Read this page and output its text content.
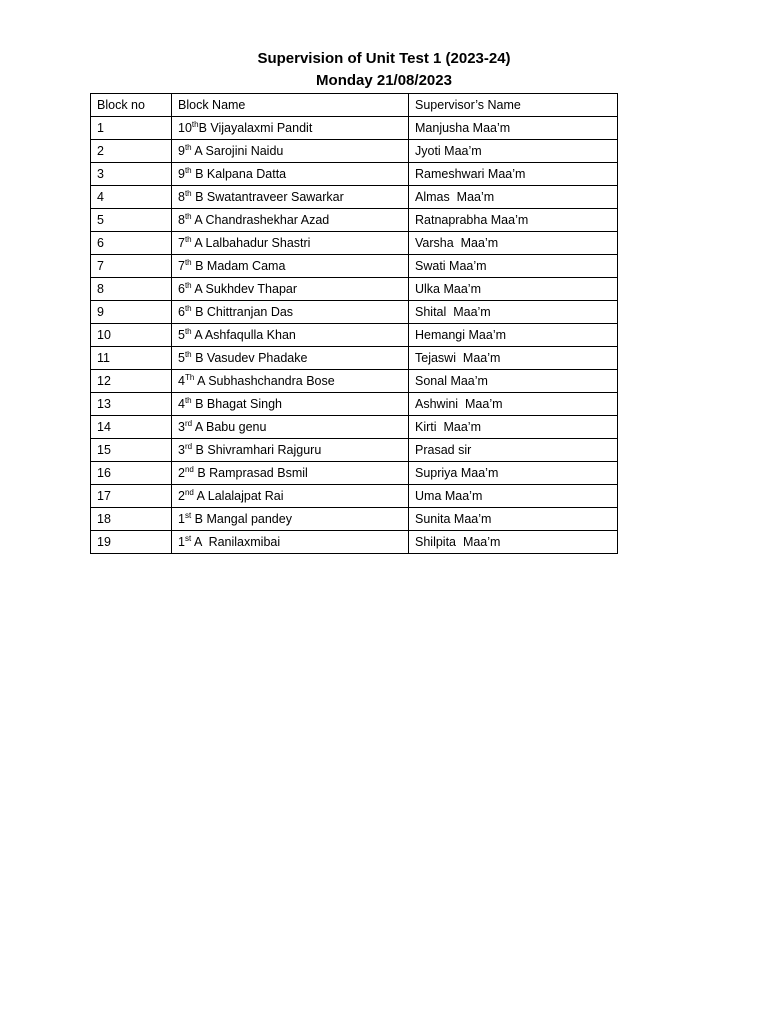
Supervision of Unit Test 1 (2023-24)
Monday 21/08/2023
Block no	Block Name	Supervisor’s Name
1	10thB Vijayalaxmi Pandit	Manjusha Maa’m
2	9th A Sarojini Naidu	Jyoti Maa’m
3	9th B Kalpana Datta	Rameshwari Maa’m
4	8th B Swatantraveer Sawarkar	Almas  Maa’m
5	8th A Chandrashekhar Azad	Ratnaprabha Maa’m
6	7th A Lalbahadur Shastri	Varsha  Maa’m
7	7th B Madam Cama	Swati Maa’m
8	6th A Sukhdev Thapar	Ulka Maa’m
9	6th B Chittranjan Das	Shital  Maa’m
10	5th A Ashfaqulla Khan	Hemangi Maa’m
11	5th B Vasudev Phadake	Tejaswi  Maa’m
12	4Th A Subhashchandra Bose	Sonal Maa’m
13	4th B Bhagat Singh	Ashwini  Maa’m
14	3rd A Babu genu	Kirti  Maa’m
15	3rd B Shivramhari Rajguru	Prasad sir
16	2nd B Ramprasad Bsmil	Supriya Maa’m
17	2nd A Lalalajpat Rai	Uma Maa’m
18	1st B Mangal pandey	Sunita Maa’m
19	1st A  Ranilaxmibai	Shilpita  Maa’m
